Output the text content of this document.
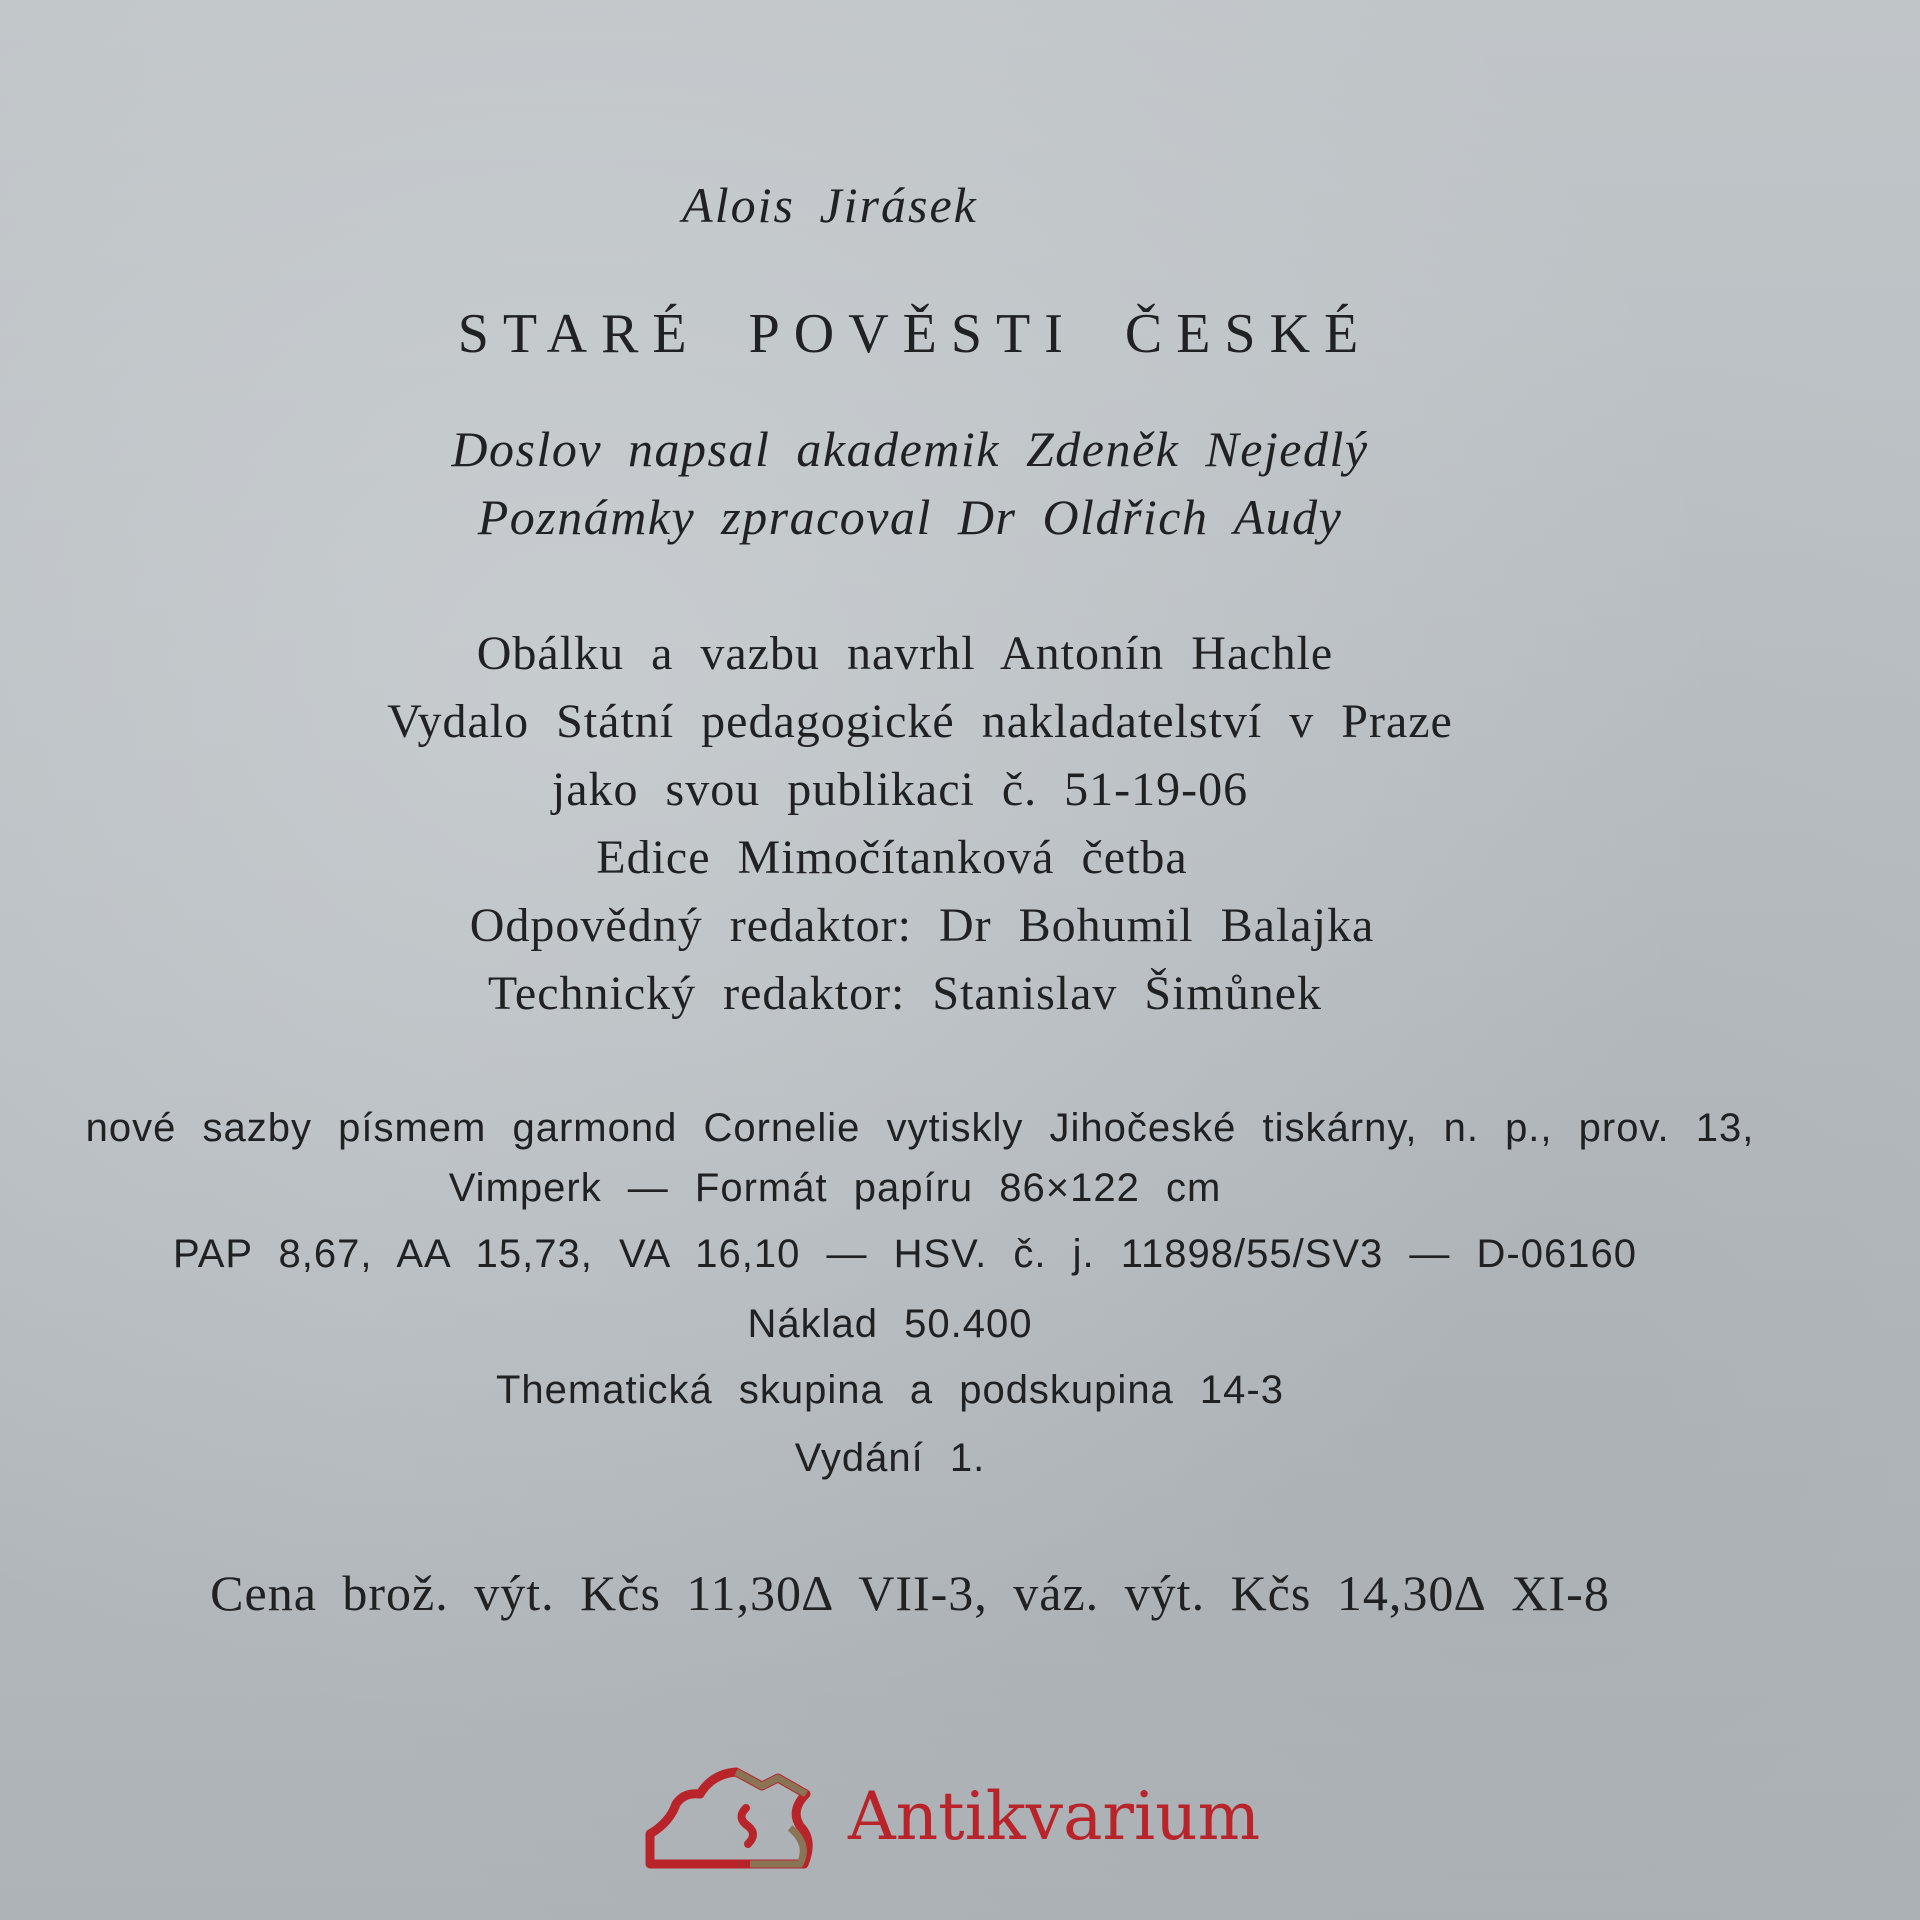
Alois Jirásek

STARÉ POVĚSTI ČESKÉ

Doslov napsal akademik Zdeněk Nejedlý

Poznámky zpracoval Dr Oldřich Audy

Obálku a vazbu navrhl Antonín Hachle

Vydalo Státní pedagogické nakladatelství v Praze

jako svou publikaci č. 51-19-06

Edice Mimočítanková četba

Odpovědný redaktor: Dr Bohumil Balajka

Technický redaktor: Stanislav Šimůnek

nové sazby písmem garmond Cornelie vytiskly Jihočeské tiskárny, n. p., prov. 13,

Vimperk — Formát papíru 86×122 cm

PAP 8,67, AA 15,73, VA 16,10 — HSV. č. j. 11898/55/SV3 — D-06160

Náklad 50.400

Thematická skupina a podskupina 14-3

Vydání 1.

Cena brož. výt. Kčs 11,30∆ VII-3, váz. výt. Kčs 14,30∆ XI-8

Antikvarium
